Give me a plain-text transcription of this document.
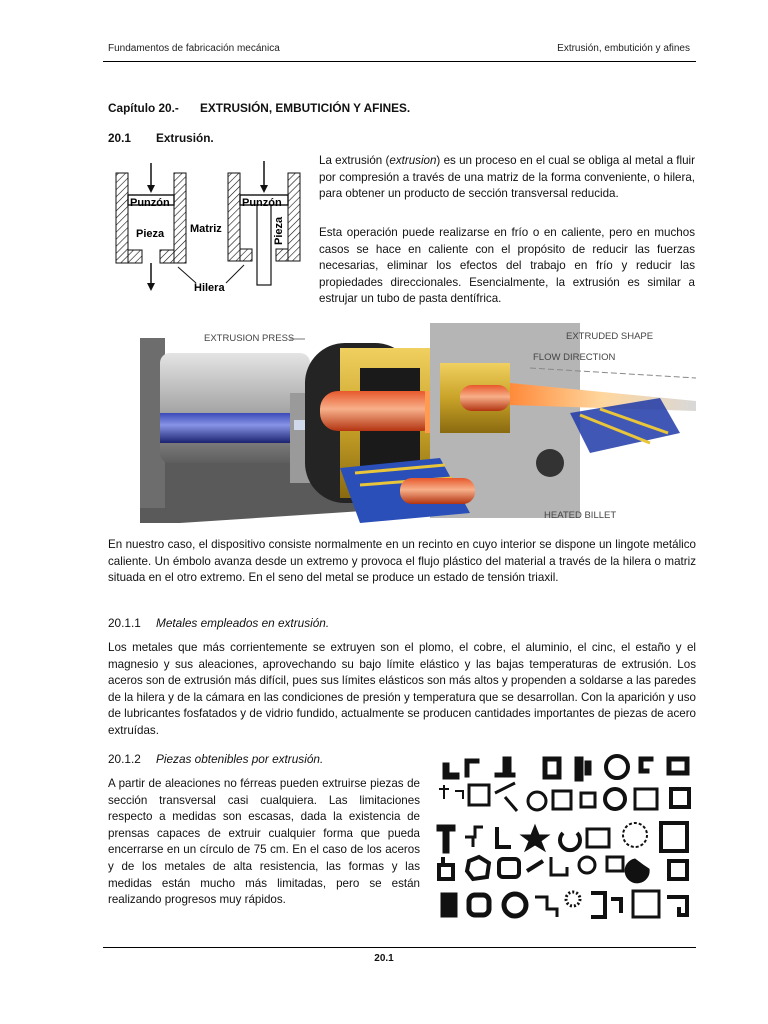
Fundamentos de fabricación mecánica	Extrusión, embutición y afines
Capítulo 20.- EXTRUSIÓN, EMBUTICIÓN Y AFINES.
20.1 Extrusión.
Punzón
Pieza Matriz
Punzón
Pieza
Hilera
La extrusión (extrusion) es un proceso en el cual se obliga al metal a fluir por compresión a través de una matriz de la forma conveniente, o hilera, para obtener un producto de sección transversal reducida.
Esta operación puede realizarse en frío o en caliente, pero en muchos casos se hace en caliente con el propósito de reducir las fuerzas necesarias, eliminar los efectos del trabajo en frío y reducir las propiedades direccionales. Esencialmente, la extrusión es similar a estrujar un tubo de pasta dentífrica.
EXTRUSION PRESS	EXTRUDED SHAPE
FLOW DIRECTION
HEATED BILLET
En nuestro caso, el dispositivo consiste normalmente en un recinto en cuyo interior se dispone un lingote metálico caliente. Un émbolo avanza desde un extremo y provoca el flujo plástico del material a través de la hilera o matriz situada en el otro extremo. En el seno del metal se produce un estado de tensión triaxil.
20.1.1 Metales empleados en extrusión.
Los metales que más corrientemente se extruyen son el plomo, el cobre, el aluminio, el cinc, el estaño y el magnesio y sus aleaciones, aprovechando su bajo límite elástico y las bajas temperaturas de extrusión. Los aceros son de extrusión más difícil, pues sus límites elásticos son más altos y propenden a soldarse a las paredes de la hilera y de la cámara en las condiciones de presión y temperatura que se desarrollan. Con la aparición y uso de lubricantes fosfatados y de vidrio fundido, actualmente se producen cantidades importantes de piezas de acero extruídas.
20.1.2 Piezas obtenibles por extrusión.
A partir de aleaciones no férreas pueden extruirse piezas de sección transversal casi cualquiera. Las limitaciones respecto a medidas son escasas, dada la existencia de prensas capaces de extruir cualquier forma que pueda encerrarse en un círculo de 75 cm. En el caso de los aceros y de los metales de alta resistencia, las formas y las medidas están mucho más limitadas, pero se están realizando progresos muy rápidos.
20.1
